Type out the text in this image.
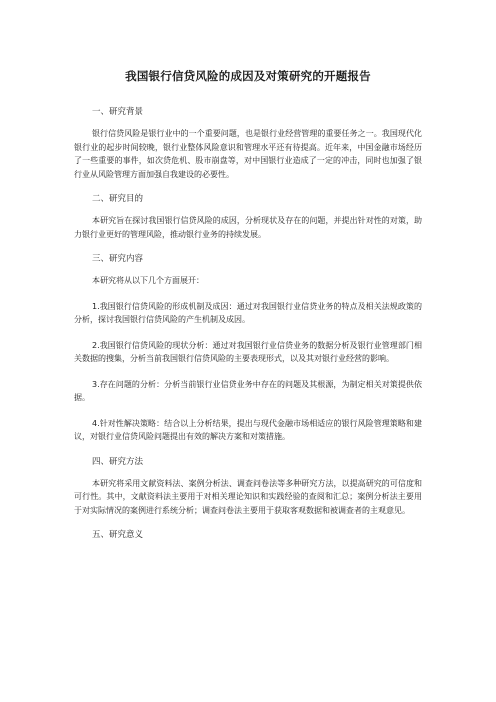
我国银行信贷风险的成因及对策研究的开题报告
一、研究背景

银行信贷风险是银行业中的一个重要问题，也是银行业经营管理的重要任务之一。我国现代化银行业的起步时间较晚，银行业整体风险意识和管理水平还有待提高。近年来，中国金融市场经历了一些重要的事件，如次贷危机、股市崩盘等，对中国银行业造成了一定的冲击，同时也加强了银行业从风险管理方面加强自我建设的必要性。

二、研究目的

本研究旨在探讨我国银行信贷风险的成因，分析现状及存在的问题，并提出针对性的对策，助力银行业更好的管理风险，推动银行业务的持续发展。

三、研究内容

本研究将从以下几个方面展开：

1.我国银行信贷风险的形成机制及成因：通过对我国银行业信贷业务的特点及相关法规政策的分析，探讨我国银行信贷风险的产生机制及成因。

2.我国银行信贷风险的现状分析：通过对我国银行业信贷业务的数据分析及银行业管理部门相关数据的搜集，分析当前我国银行信贷风险的主要表现形式，以及其对银行业经营的影响。

3.存在问题的分析：分析当前银行业信贷业务中存在的问题及其根源，为制定相关对策提供依据。

4.针对性解决策略：结合以上分析结果，提出与现代金融市场相适应的银行风险管理策略和建议，对银行业信贷风险问题提出有效的解决方案和对策措施。

四、研究方法

本研究将采用文献资料法、案例分析法、调查问卷法等多种研究方法，以提高研究的可信度和可行性。其中，文献资料法主要用于对相关理论知识和实践经验的查阅和汇总；案例分析法主要用于对实际情况的案例进行系统分析；调查问卷法主要用于获取客观数据和被调查者的主观意见。

五、研究意义
